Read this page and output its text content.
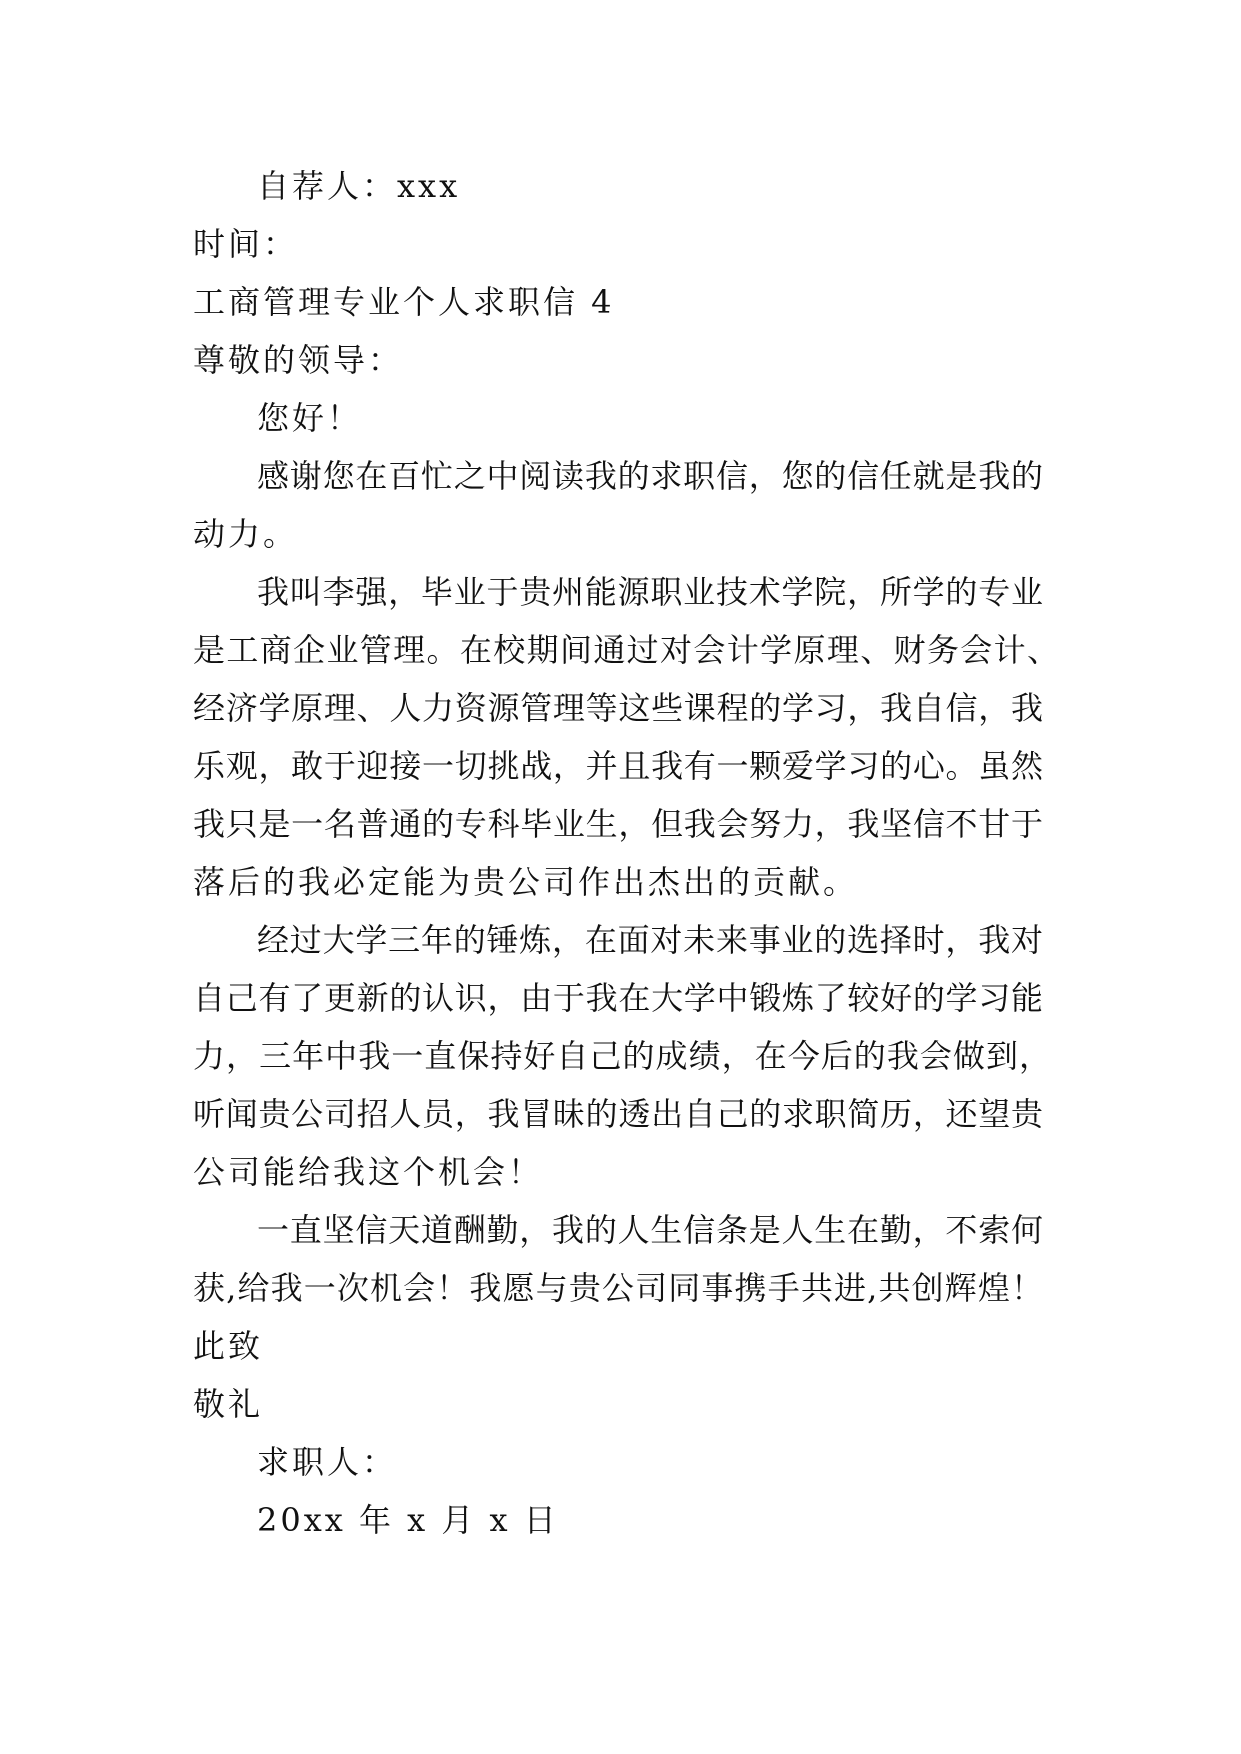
自荐人：xxx
时间：
工商管理专业个人求职信 4
尊敬的领导：
您好！
感谢您在百忙之中阅读我的求职信，您的信任就是我的
动力。
我叫李强，毕业于贵州能源职业技术学院，所学的专业
是工商企业管理。在校期间通过对会计学原理、财务会计、
经济学原理、人力资源管理等这些课程的学习，我自信，我
乐观，敢于迎接一切挑战，并且我有一颗爱学习的心。虽然
我只是一名普通的专科毕业生，但我会努力，我坚信不甘于
落后的我必定能为贵公司作出杰出的贡献。
经过大学三年的锤炼，在面对未来事业的选择时，我对
自己有了更新的认识，由于我在大学中锻炼了较好的学习能
力，三年中我一直保持好自己的成绩，在今后的我会做到，
听闻贵公司招人员，我冒昧的透出自己的求职简历，还望贵
公司能给我这个机会！
一直坚信天道酬勤，我的人生信条是人生在勤，不索何
获,给我一次机会！我愿与贵公司同事携手共进,共创辉煌！
此致
敬礼
求职人：
20xx 年 x 月 x 日
